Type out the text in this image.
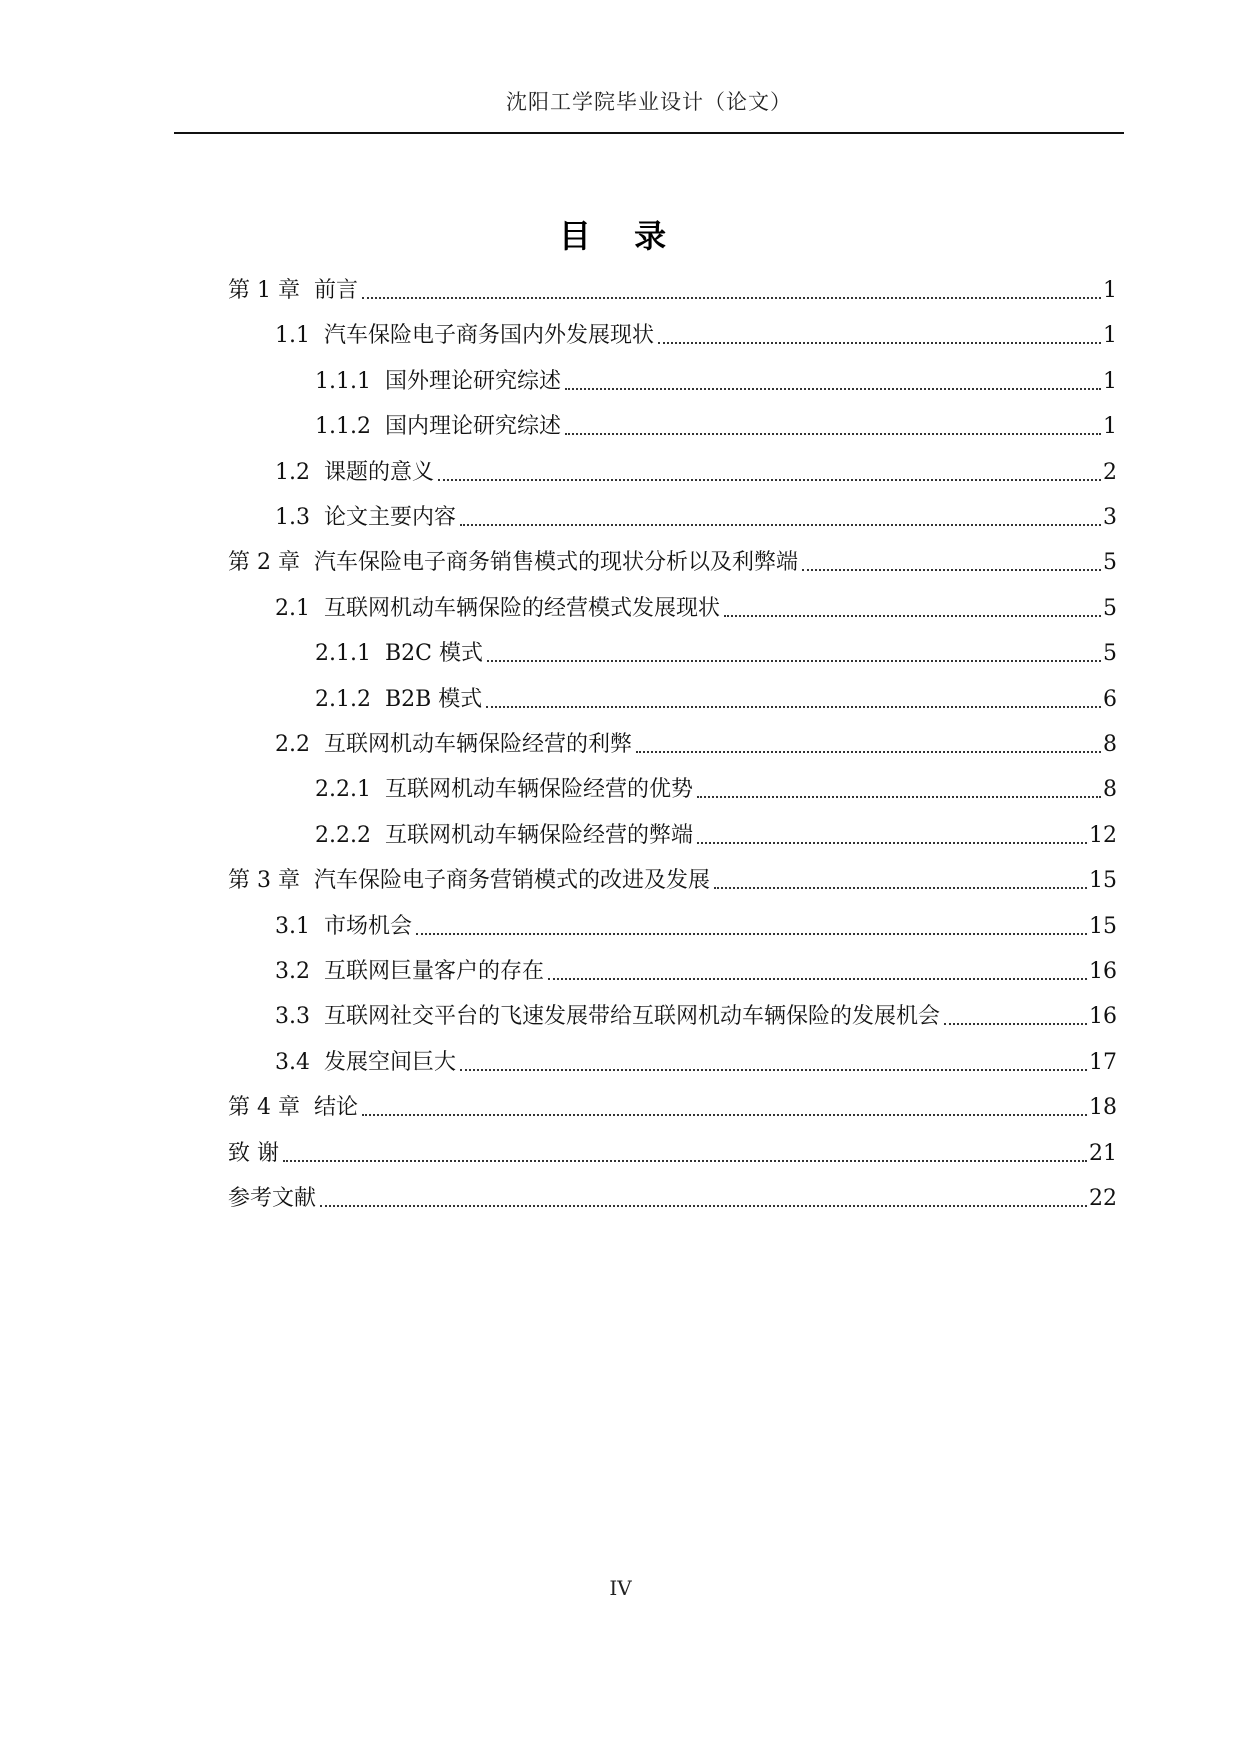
沈阳工学院毕业设计（论文）
目 录
第 1 章 前言	1
1.1 汽车保险电子商务国内外发展现状	1
1.1.1 国外理论研究综述	1
1.1.2 国内理论研究综述	1
1.2 课题的意义	2
1.3 论文主要内容	3
第 2 章 汽车保险电子商务销售模式的现状分析以及利弊端	5
2.1 互联网机动车辆保险的经营模式发展现状	5
2.1.1 B2C 模式	5
2.1.2 B2B 模式	6
2.2 互联网机动车辆保险经营的利弊	8
2.2.1 互联网机动车辆保险经营的优势	8
2.2.2 互联网机动车辆保险经营的弊端	12
第 3 章 汽车保险电子商务营销模式的改进及发展	15
3.1 市场机会	15
3.2 互联网巨量客户的存在	16
3.3 互联网社交平台的飞速发展带给互联网机动车辆保险的发展机会	16
3.4 发展空间巨大	17
第 4 章 结论	18
致 谢	21
参考文献	22
IV
